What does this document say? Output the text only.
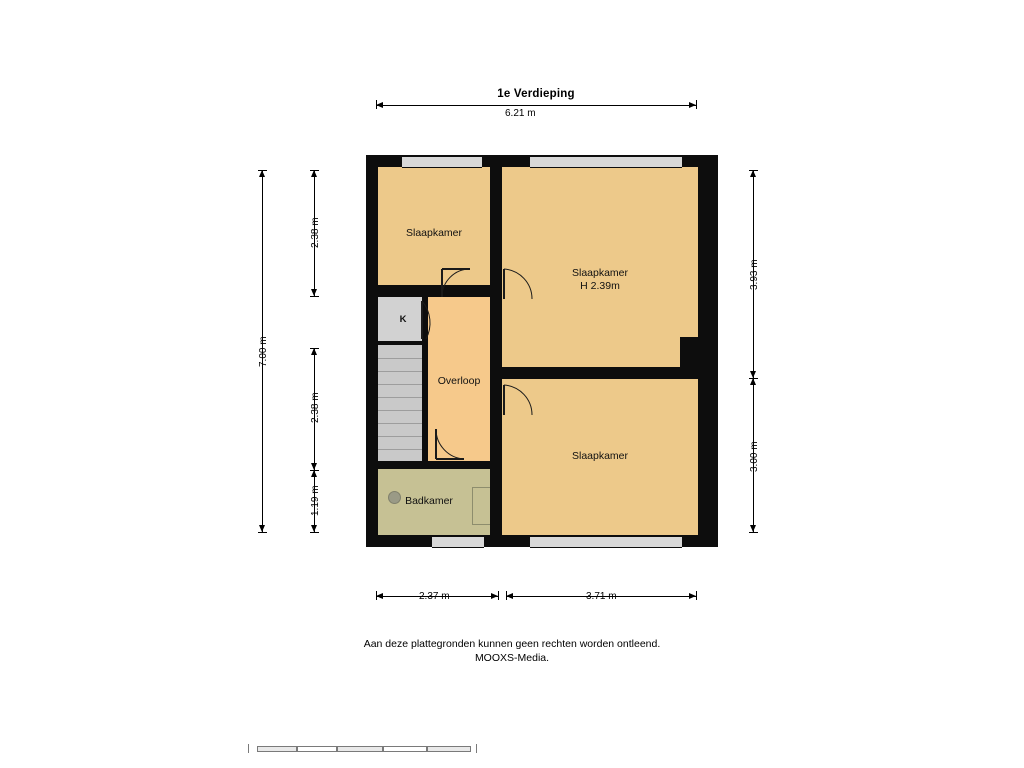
1e Verdieping
6.21 m
7.00 m
2.38 m
2.38 m
1.19 m
3.93 m
3.00 m
2.37 m	3.71 m
Slaapkamer
Slaapkamer
H 2.39m
Slaapkamer
Overloop
Badkamer
K
Aan deze plattegronden kunnen geen rechten worden ontleend.
MOOXS-Media.
